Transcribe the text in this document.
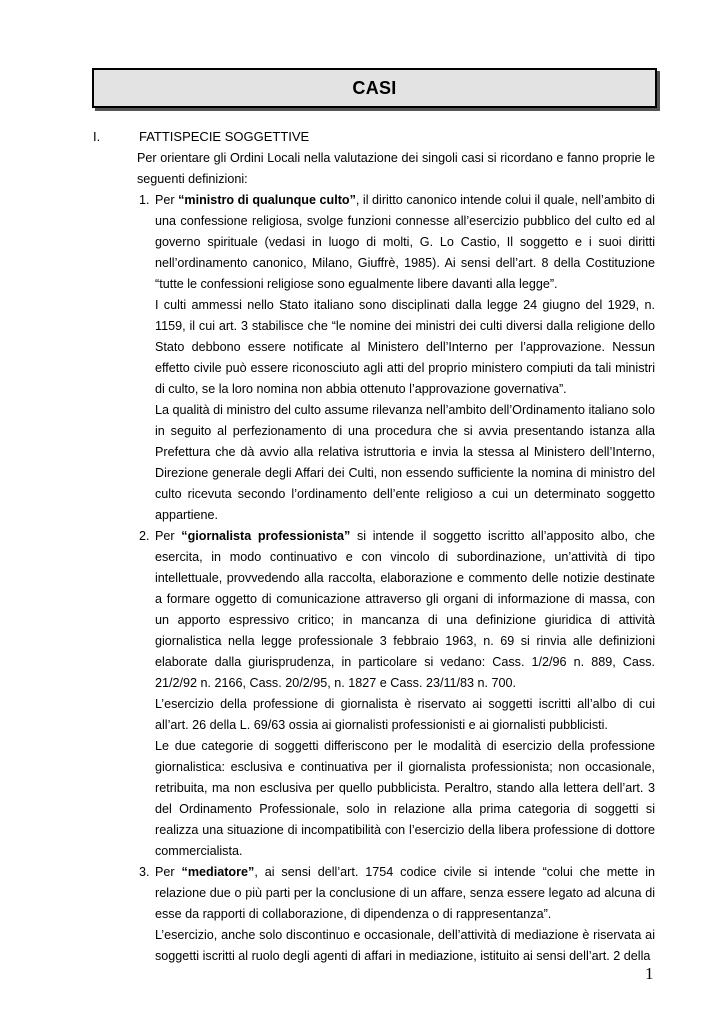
CASI
I.	FATTISPECIE SOGGETTIVE

Per orientare gli Ordini Locali nella valutazione dei singoli casi si ricordano e fanno proprie le seguenti definizioni:

1. Per “ministro di qualunque culto”, il diritto canonico intende colui il quale, nell’ambito di una confessione religiosa, svolge funzioni connesse all’esercizio pubblico del culto ed al governo spirituale (vedasi in luogo di molti, G. Lo Castio, Il soggetto e i suoi diritti nell’ordinamento canonico, Milano, Giuffrè, 1985). Ai sensi dell’art. 8 della Costituzione “tutte le confessioni religiose sono egualmente libere davanti alla legge”.

I culti ammessi nello Stato italiano sono disciplinati dalla legge 24 giugno del 1929, n. 1159, il cui art. 3 stabilisce che “le nomine dei ministri dei culti diversi dalla religione dello Stato debbono essere notificate al Ministero dell’Interno per l’approvazione. Nessun effetto civile può essere riconosciuto agli atti del proprio ministero compiuti da tali ministri di culto, se la loro nomina non abbia ottenuto l’approvazione governativa”.

La qualità di ministro del culto assume rilevanza nell’ambito dell’Ordinamento italiano solo in seguito al perfezionamento di una procedura che si avvia presentando istanza alla Prefettura che dà avvio alla relativa istruttoria e invia la stessa al Ministero dell’Interno, Direzione generale degli Affari dei Culti, non essendo sufficiente la nomina di ministro del culto ricevuta secondo l’ordinamento dell’ente religioso a cui un determinato soggetto appartiene.

2. Per “giornalista professionista” si intende il soggetto iscritto all’apposito albo, che esercita, in modo continuativo e con vincolo di subordinazione, un’attività di tipo intellettuale, provvedendo alla raccolta, elaborazione e commento delle notizie destinate a formare oggetto di comunicazione attraverso gli organi di informazione di massa, con un apporto espressivo critico; in mancanza di una definizione giuridica di attività giornalistica nella legge professionale 3 febbraio 1963, n. 69 si rinvia alle definizioni elaborate dalla giurisprudenza, in particolare si vedano: Cass. 1/2/96 n. 889, Cass. 21/2/92 n. 2166, Cass. 20/2/95, n. 1827 e Cass. 23/11/83 n. 700.

L’esercizio della professione di giornalista è riservato ai soggetti iscritti all’albo di cui all’art. 26 della L. 69/63 ossia ai giornalisti professionisti e ai giornalisti pubblicisti.

Le due categorie di soggetti differiscono per le modalità di esercizio della professione giornalistica: esclusiva e continuativa per il giornalista professionista; non occasionale, retribuita, ma non esclusiva per quello pubblicista. Peraltro, stando alla lettera dell’art. 3 del Ordinamento Professionale, solo in relazione alla prima categoria di soggetti si realizza una situazione di incompatibilità con l’esercizio della libera professione di dottore commercialista.

3. Per “mediatore”, ai sensi dell’art. 1754 codice civile si intende “colui che mette in relazione due o più parti per la conclusione di un affare, senza essere legato ad alcuna di esse da rapporti di collaborazione, di dipendenza o di rappresentanza”.

L’esercizio, anche solo discontinuo e occasionale, dell’attività di mediazione è riservata ai soggetti iscritti al ruolo degli agenti di affari in mediazione, istituito ai sensi dell’art. 2 della

1
